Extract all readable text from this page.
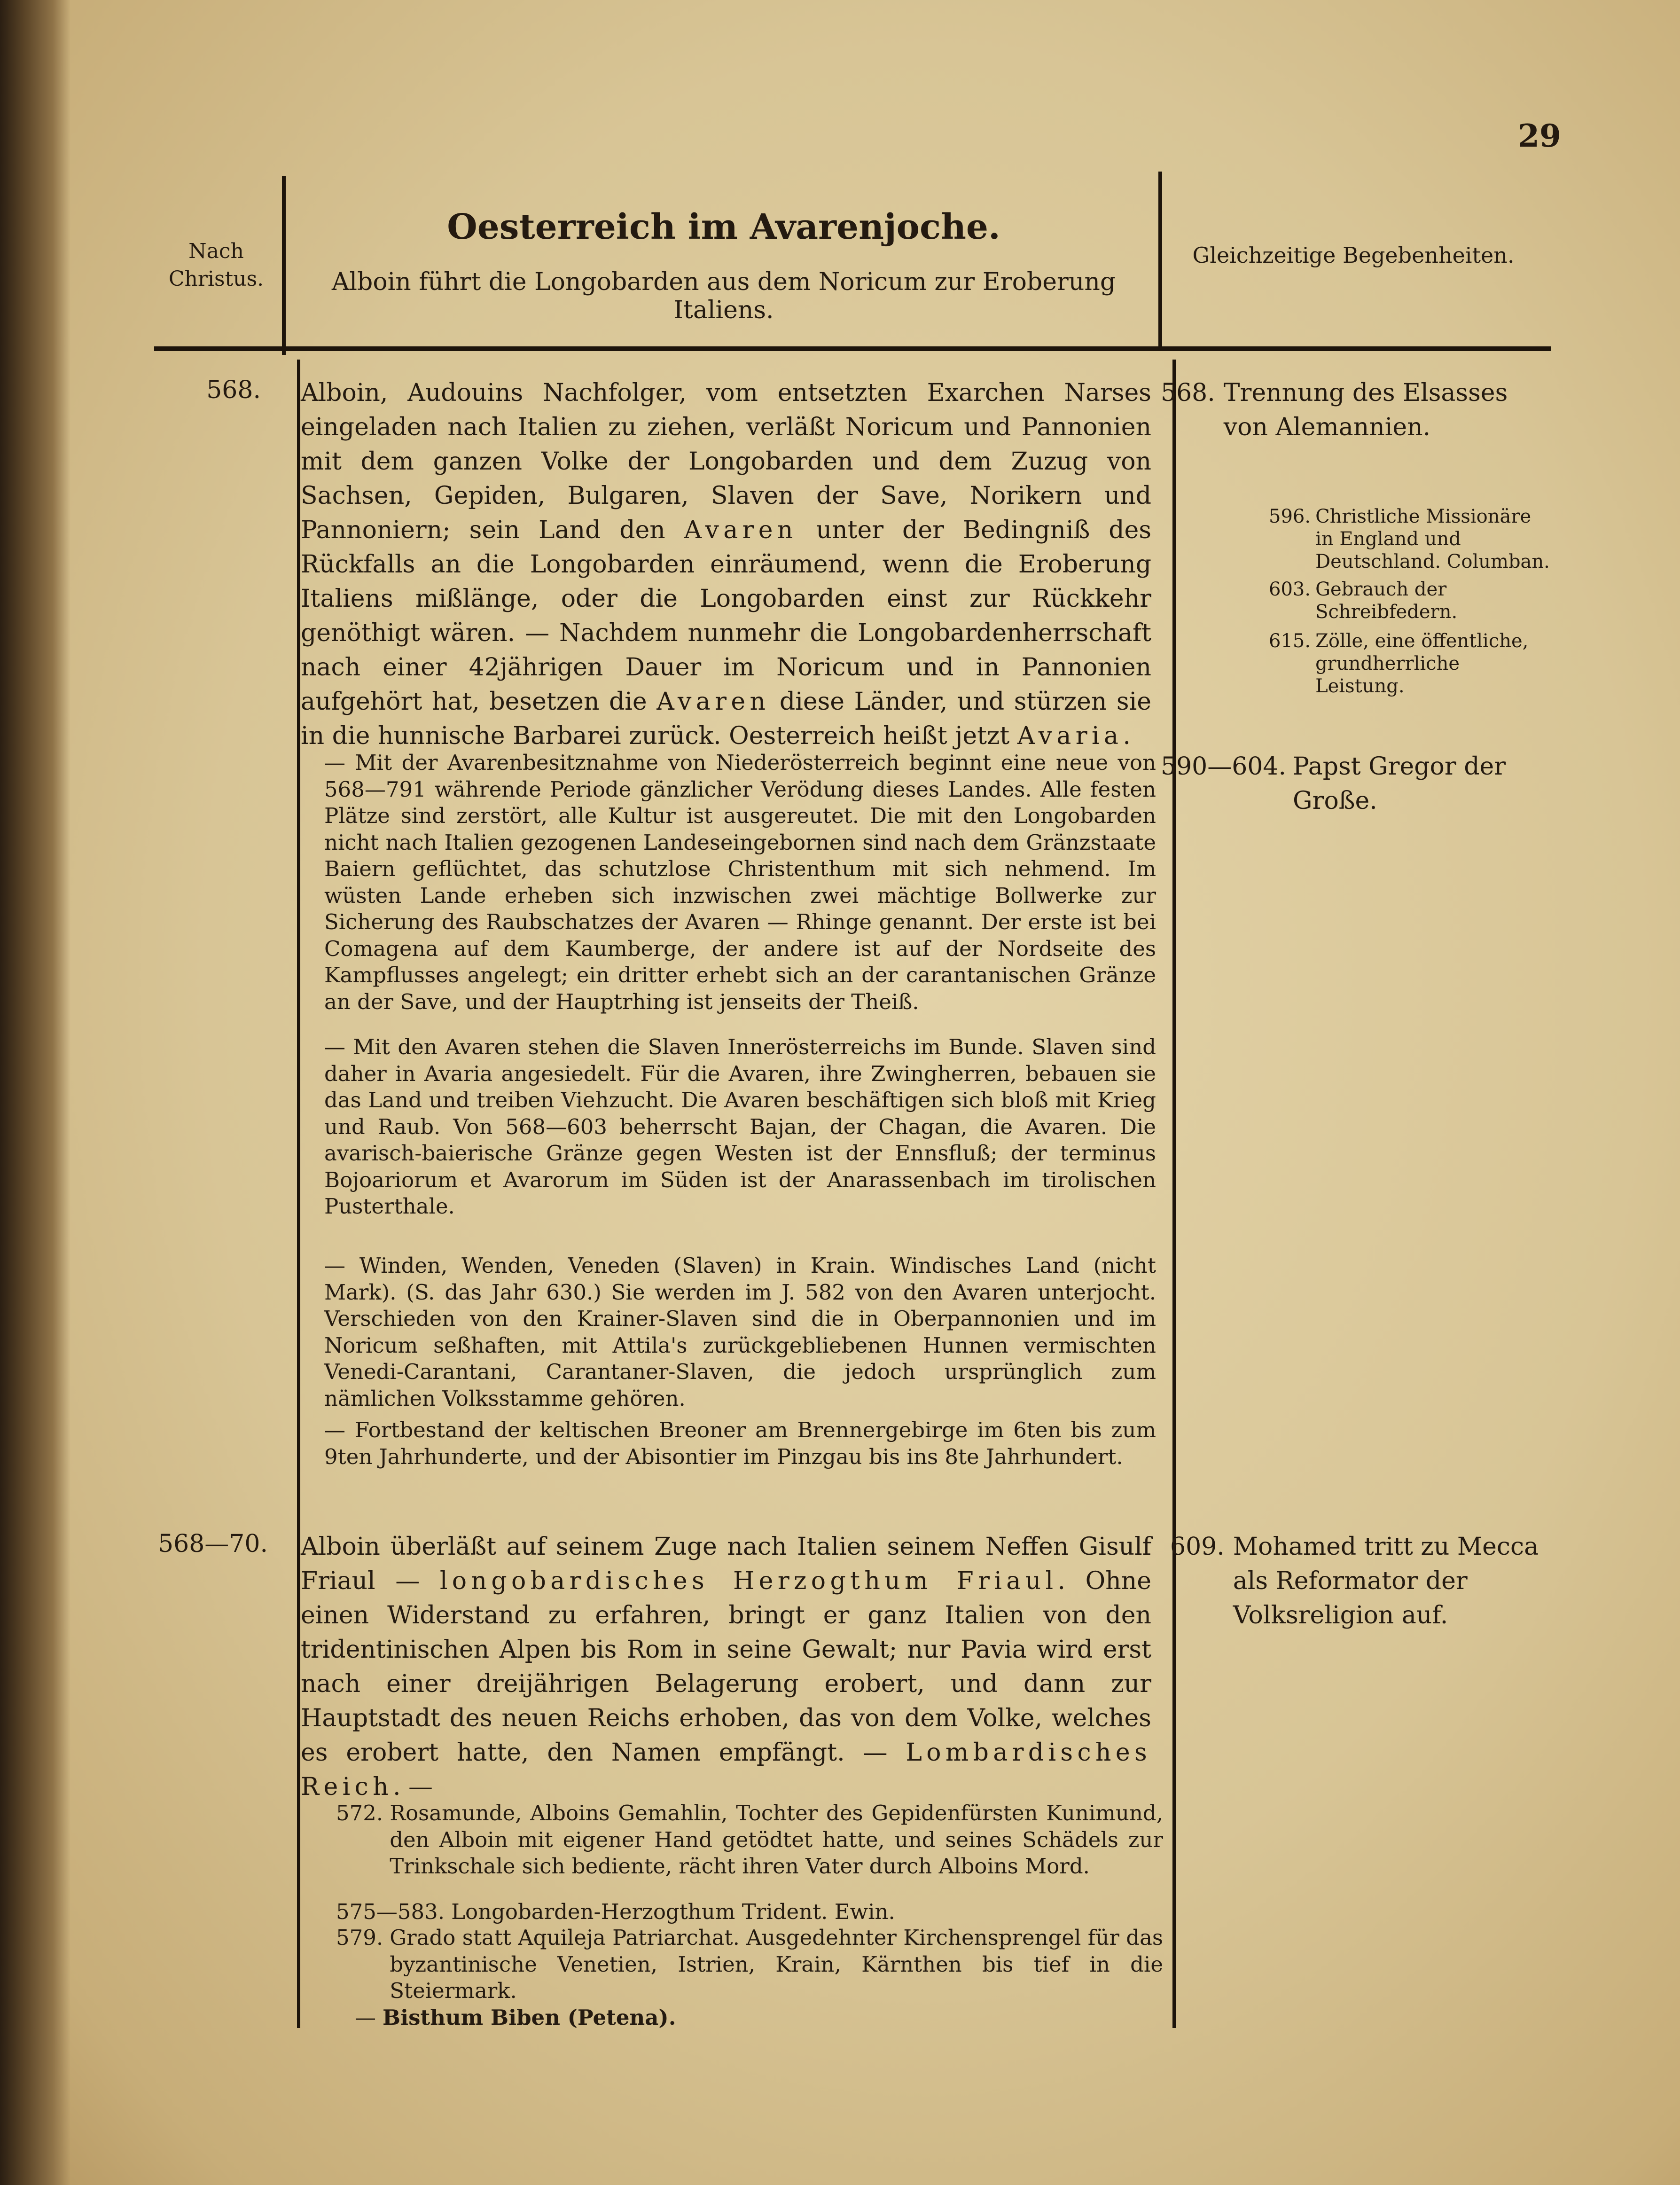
29
Nach Christus.
Oesterreich im Avarenjoche.
Alboin führt die Longobarden aus dem Noricum zur Eroberung Italiens.
Gleichzeitige Begebenheiten.
568. Alboin, Audouins Nachfolger, vom entsetzten Exarchen Narses eingeladen nach Italien zu ziehen, verläßt Noricum und Pannonien mit dem ganzen Volke der Longobarden und dem Zuzug von Sachsen, Gepiden, Bulgaren, Slaven der Save, Norikern und Pannoniern; sein Land den Avaren unter der Bedingniß des Rückfalls an die Longobarden einräumend, wenn die Eroberung Italiens mißlänge, oder die Longobarden einst zur Rückkehr genöthigt wären. — Nachdem nunmehr die Longobardenherrschaft nach einer 42jährigen Dauer im Noricum und in Pannonien aufgehört hat, besetzen die Avaren diese Länder, und stürzen sie in die hunnische Barbarei zurück. Oesterreich heißt jetzt Avaria.
— Mit der Avarenbesitznahme von Niederösterreich beginnt eine neue von 568—791 währende Periode gänzlicher Verödung dieses Landes. Alle festen Plätze sind zerstört, alle Kultur ist ausgereutet. Die mit den Longobarden nicht nach Italien gezogenen Landeseingebornen sind nach dem Gränzstaate Baiern geflüchtet, das schutzlose Christenthum mit sich nehmend. Im wüsten Lande erheben sich inzwischen zwei mächtige Bollwerke zur Sicherung des Raubschatzes der Avaren — Rhinge genannt. Der erste ist bei Comagena auf dem Kaumberge, der andere ist auf der Nordseite des Kampflusses angelegt; ein dritter erhebt sich an der carantanischen Gränze an der Save, und der Hauptrhing ist jenseits der Theiß.
— Mit den Avaren stehen die Slaven Innerösterreichs im Bunde. Slaven sind daher in Avaria angesiedelt. Für die Avaren, ihre Zwingherren, bebauen sie das Land und treiben Viehzucht. Die Avaren beschäftigen sich bloß mit Krieg und Raub. Von 568—603 beherrscht Bajan, der Chagan, die Avaren. Die avarisch-baierische Gränze gegen Westen ist der Ennsfluß; der terminus Bojoariorum et Avarorum im Süden ist der Anarassenbach im tirolischen Pusterthale.
— Winden, Wenden, Veneden (Slaven) in Krain. Windisches Land (nicht Mark). (S. das Jahr 630.) Sie werden im J. 582 von den Avaren unterjocht. Verschieden von den Krainer-Slaven sind die in Oberpannonien und im Noricum seßhaften, mit Attila's zurückgebliebenen Hunnen vermischten Venedi-Carantani, Carantaner-Slaven, die jedoch ursprünglich zum nämlichen Volksstamme gehören.
— Fortbestand der keltischen Breoner am Brennergebirge im 6ten bis zum 9ten Jahrhunderte, und der Abisontier im Pinzgau bis ins 8te Jahrhundert.
568—70. Alboin überläßt auf seinem Zuge nach Italien seinem Neffen Gisulf Friaul — longobardisches Herzogthum Friaul. Ohne einen Widerstand zu erfahren, bringt er ganz Italien von den tridentinischen Alpen bis Rom in seine Gewalt; nur Pavia wird erst nach einer dreijährigen Belagerung erobert, und dann zur Hauptstadt des neuen Reichs erhoben, das von dem Volke, welches es erobert hatte, den Namen empfängt. — Lombardisches Reich. —
572. Rosamunde, Alboins Gemahlin, Tochter des Gepidenfürsten Kunimund, den Alboin mit eigener Hand getödtet hatte, und seines Schädels zur Trinkschale sich bediente, rächt ihren Vater durch Alboins Mord.
575—583. Longobarden-Herzogthum Trident. Ewin.
579. Grado statt Aquileja Patriarchat. Ausgedehnter Kirchensprengel für das byzantinische Venetien, Istrien, Krain, Kärnthen bis tief in die Steiermark.
— Bisthum Biben (Petena).
568. Trennung des Elsasses von Alemannien.
596. Christliche Missionäre in England und Deutschland. Columban.
603. Gebrauch der Schreibfedern.
615. Zölle, eine öffentliche, grundherrliche Leistung.
590—604. Papst Gregor der Große.
609. Mohamed tritt zu Mecca als Reformator der Volksreligion auf.
